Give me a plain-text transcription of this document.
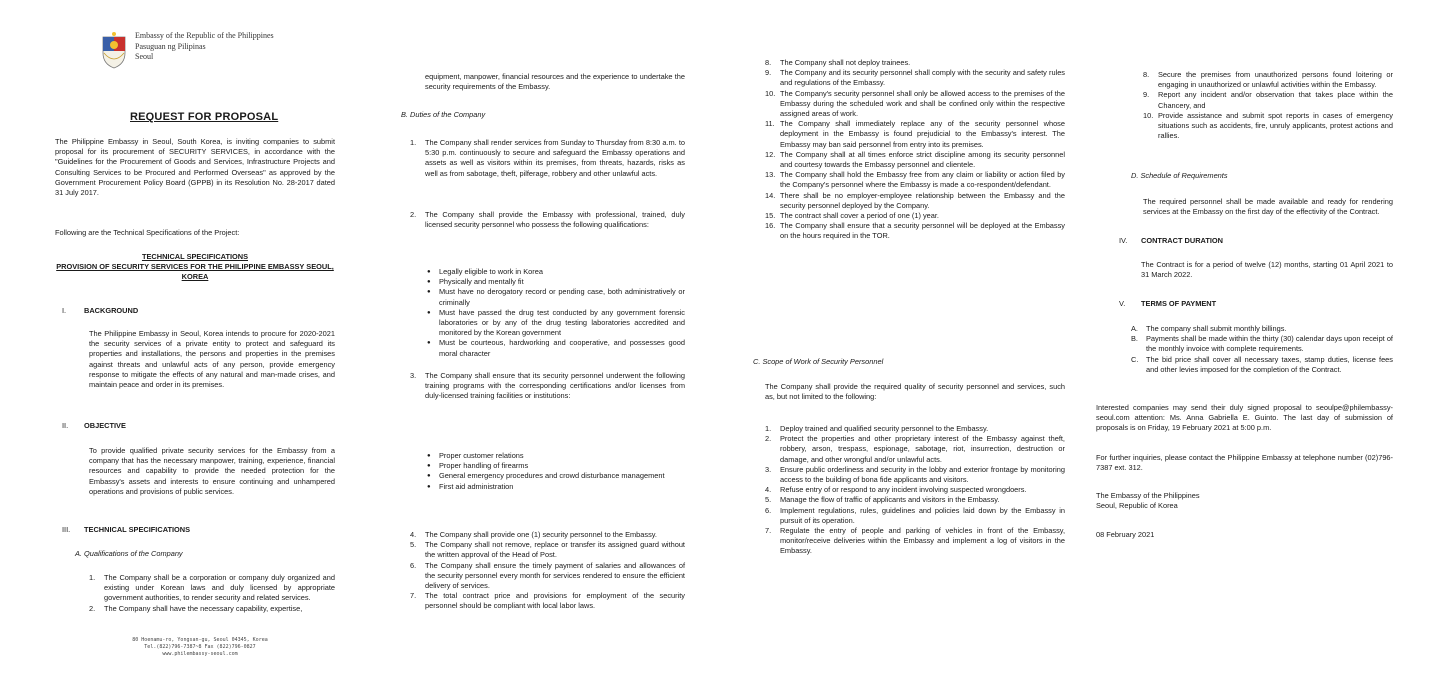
Embassy of the Republic of the Philippines
Pasuguan ng Pilipinas
Seoul
REQUEST FOR PROPOSAL
The Philippine Embassy in Seoul, South Korea, is inviting companies to submit proposal for its procurement of SECURITY SERVICES, in accordance with the "Guidelines for the Procurement of Goods and Services, Infrastructure Projects and Consulting Services to be Procured and Performed Overseas" as approved by the Government Procurement Policy Board (GPPB) in its Resolution No. 28-2017 dated 31 July 2017.
Following are the Technical Specifications of the Project:
TECHNICAL SPECIFICATIONS
PROVISION OF SECURITY SERVICES FOR THE PHILIPPINE EMBASSY SEOUL, KOREA
I. BACKGROUND
The Philippine Embassy in Seoul, Korea intends to procure for 2020-2021 the security services of a private entity to protect and safeguard its properties and installations, the persons and properties in the premises against threats and unlawful acts of any person, provide emergency response to mitigate the effects of any natural and man-made crises, and maintain peace and order in its premises.
II. OBJECTIVE
To provide qualified private security services for the Embassy from a company that has the necessary manpower, training, experience, financial resources and capability to provide the needed protection for the Embassy's assets and interests to ensure continuing and unhampered operations and provisions of public services.
III. TECHNICAL SPECIFICATIONS
A. Qualifications of the Company
1. The Company shall be a corporation or company duly organized and existing under Korean laws and duly licensed by appropriate government authorities, to render security and related services.
2. The Company shall have the necessary capability, expertise,
80 Hoenamu-ro, Yongsan-gu, Seoul 04345, Korea
Tel.(822)796-7387~8 Fax (822)796-0827
www.philembassy-seoul.com
equipment, manpower, financial resources and the experience to undertake the security requirements of the Embassy.
B. Duties of the Company
1. The Company shall render services from Sunday to Thursday from 8:30 a.m. to 5:30 p.m. continuously to secure and safeguard the Embassy operations and assets as well as visitors within its premises, from threats, hazards, risks as well as from sabotage, theft, pilferage, robbery and other unlawful acts.
2. The Company shall provide the Embassy with professional, trained, duly licensed security personnel who possess the following qualifications:
● Legally eligible to work in Korea
● Physically and mentally fit
● Must have no derogatory record or pending case, both administratively or criminally
● Must have passed the drug test conducted by any government forensic laboratories or by any of the drug testing laboratories accredited and monitored by the Korean government
● Must be courteous, hardworking and cooperative, and possesses good moral character
3. The Company shall ensure that its security personnel underwent the following training programs with the corresponding certifications and/or licenses from duly-licensed training facilities or institutions:
● Proper customer relations
● Proper handling of firearms
● General emergency procedures and crowd disturbance management
● First aid administration
4. The Company shall provide one (1) security personnel to the Embassy.
5. The Company shall not remove, replace or transfer its assigned guard without the written approval of the Head of Post.
6. The Company shall ensure the timely payment of salaries and allowances of the security personnel every month for services rendered to ensure the efficient delivery of services.
7. The total contract price and provisions for employment of the security personnel should be compliant with local labor laws.
8. The Company shall not deploy trainees.
9. The Company and its security personnel shall comply with the security and safety rules and regulations of the Embassy.
10. The Company's security personnel shall only be allowed access to the premises of the Embassy during the scheduled work and shall be confined only within the respective assigned areas of work.
11. The Company shall immediately replace any of the security personnel whose deployment in the Embassy is found prejudicial to the Embassy's interest. The Embassy may ban said personnel from entry into its premises.
12. The Company shall at all times enforce strict discipline among its security personnel and courtesy towards the Embassy personnel and clientele.
13. The Company shall hold the Embassy free from any claim or liability or action filed by the Company's personnel where the Embassy is made a co-respondent/defendant.
14. There shall be no employer-employee relationship between the Embassy and the security personnel deployed by the Company.
15. The contract shall cover a period of one (1) year.
16. The Company shall ensure that a security personnel will be deployed at the Embassy on the hours required in the TOR.
C. Scope of Work of Security Personnel
The Company shall provide the required quality of security personnel and services, such as, but not limited to the following:
1. Deploy trained and qualified security personnel to the Embassy.
2. Protect the properties and other proprietary interest of the Embassy against theft, robbery, arson, trespass, espionage, sabotage, riot, insurrection, destruction or damage, and other wrongful and/or unlawful acts.
3. Ensure public orderliness and security in the lobby and exterior frontage by monitoring access to the building of bona fide applicants and visitors.
4. Refuse entry of or respond to any incident involving suspected wrongdoers.
5. Manage the flow of traffic of applicants and visitors in the Embassy.
6. Implement regulations, rules, guidelines and policies laid down by the Embassy in pursuit of its operation.
7. Regulate the entry of people and parking of vehicles in front of the Embassy, monitor/receive deliveries within the Embassy and implement a log of visitors in the Embassy.
8. Secure the premises from unauthorized persons found loitering or engaging in unauthorized or unlawful activities within the Embassy.
9. Report any incident and/or observation that takes place within the Chancery, and
10. Provide assistance and submit spot reports in cases of emergency situations such as accidents, fire, unruly applicants, protest actions and rallies.
D. Schedule of Requirements
The required personnel shall be made available and ready for rendering services at the Embassy on the first day of the effectivity of the Contract.
IV. CONTRACT DURATION
The Contract is for a period of twelve (12) months, starting 01 April 2021 to 31 March 2022.
V. TERMS OF PAYMENT
A. The company shall submit monthly billings.
B. Payments shall be made within the thirty (30) calendar days upon receipt of the monthly invoice with complete requirements.
C. The bid price shall cover all necessary taxes, stamp duties, license fees and other levies imposed for the completion of the Contract.
Interested companies may send their duly signed proposal to seoulpe@philembassy-seoul.com attention: Ms. Anna Gabriella E. Guinto. The last day of submission of proposals is on Friday, 19 February 2021 at 5:00 p.m.
For further inquiries, please contact the Philippine Embassy at telephone number (02)796-7387 ext. 312.
The Embassy of the Philippines
Seoul, Republic of Korea
08 February 2021
